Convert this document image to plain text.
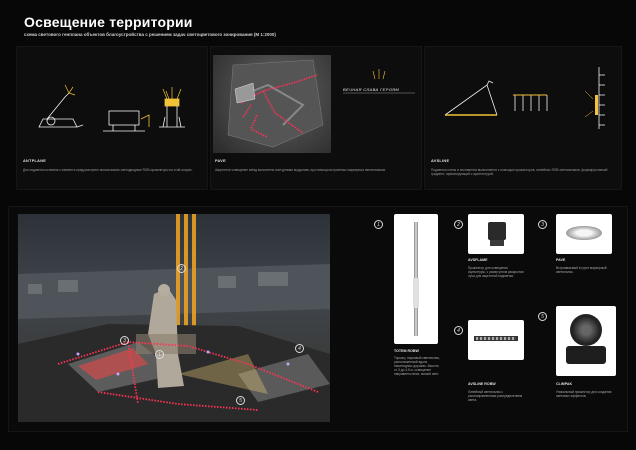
Освещение территории
схема светового генплана объектов благоустройства с решением задач светоцветового зонирования (М 1:2000)
ANTPLANE
Для подсветки основного элемента предусмотрено использовать светодиодные RGB-прожекторы на стой-опорах.
ВЕЧНАЯ СЛАВА ГЕРОЯМ
PAVE
Акцентное освещение звёзд выполнено контурными модулями, при помощи встроенных маркерных светильников.
AVSLINE
Подсветка стелы и постамента выполняется с помощью прожекторов, линейных RGB светильников, формируя мягкий градиент, гармонирующий с архитектурой.
2
3
1
4
5
1
TOTEM ROBW
Торшер, парковый светильник, расположенный вдоль пешеходных дорожек. Высота от 3 до 4,5 м, освещение направлено вниз, мягкий свет.
2
AVSFLAME
Прожектор для освещения скульптуры, с узким углом раскрытия луча для акцентной подсветки.
3
PAVE
Встраиваемый в грунт маркерный светильник.
4
AVSLINE ROBW
Линейный светильник с узконаправленным распределением света.
5
CLIMPAK
Уникальный прожектор для создания световых эффектов.
